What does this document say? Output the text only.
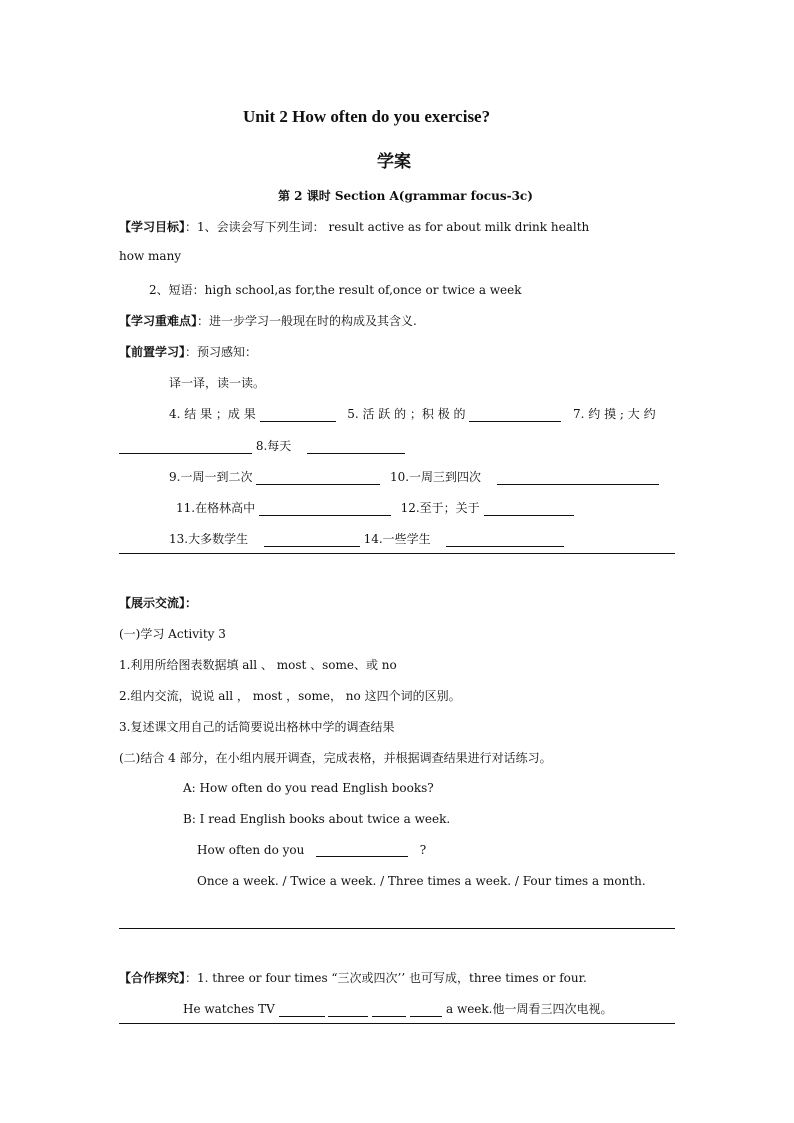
Unit 2 How often do you exercise?
学案
第 2 课时 Section A(grammar focus-3c)
【学习目标】：1、会读会写下列生词： result active as for about milk drink health
how many
2、短语：high school,as for,the result of,once or twice a week
【学习重难点】：进一步学习一般现在时的构成及其含义.
【前置学习】：预习感知：
译一译，读一读。
4. 结 果 ；成 果	5. 活 跃 的 ；积 极 的	7. 约 摸 ; 大 约
8.每天
9.一周一到二次	10.一周三到四次
11.在格林高中	12.至于；关于
13.大多数学生	14.一些学生
【展示交流】：
(一)学习 Activity 3
1.利用所给图表数据填 all 、 most 、some、或 no
2.组内交流，说说 all ， most ，some， no 这四个词的区别。
3.复述课文用自己的话简要说出格林中学的调查结果
(二)结合 4 部分，在小组内展开调查，完成表格，并根据调查结果进行对话练习。
A: How often do you read English books?
B: I read English books about twice a week.
How often do you	?
Once a week. / Twice a week. / Three times a week. / Four times a month.
【合作探究】：1. three or four times “三次或四次’’ 也可写成，three times or four.
He watches TV	a week.他一周看三四次电视。
